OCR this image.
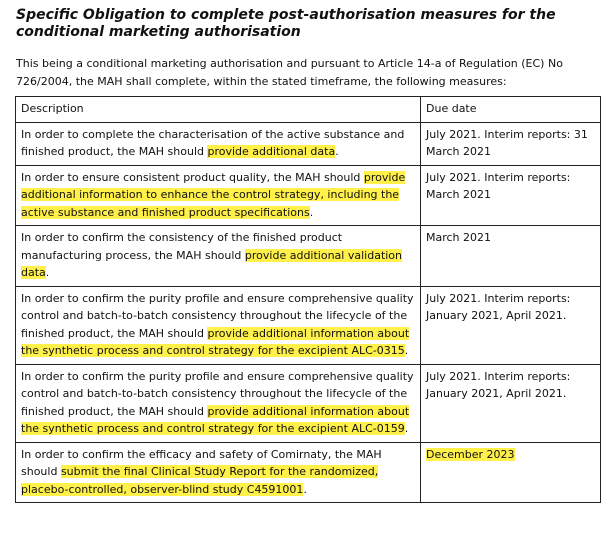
Specific Obligation to complete post-authorisation measures for the conditional marketing authorisation
This being a conditional marketing authorisation and pursuant to Article 14-a of Regulation (EC) No 726/2004, the MAH shall complete, within the stated timeframe, the following measures:
Description	Due date
In order to complete the characterisation of the active substance and finished product, the MAH should provide additional data.	July 2021. Interim reports: 31 March 2021
In order to ensure consistent product quality, the MAH should provide additional information to enhance the control strategy, including the active substance and finished product specifications.	July 2021. Interim reports: March 2021
In order to confirm the consistency of the finished product manufacturing process, the MAH should provide additional validation data.	March 2021
In order to confirm the purity profile and ensure comprehensive quality control and batch-to-batch consistency throughout the lifecycle of the finished product, the MAH should provide additional information about the synthetic process and control strategy for the excipient ALC-0315.	July 2021. Interim reports: January 2021, April 2021.
In order to confirm the purity profile and ensure comprehensive quality control and batch-to-batch consistency throughout the lifecycle of the finished product, the MAH should provide additional information about the synthetic process and control strategy for the excipient ALC-0159.	July 2021. Interim reports: January 2021, April 2021.
In order to confirm the efficacy and safety of Comirnaty, the MAH should submit the final Clinical Study Report for the randomized, placebo-controlled, observer-blind study C4591001.	December 2023
